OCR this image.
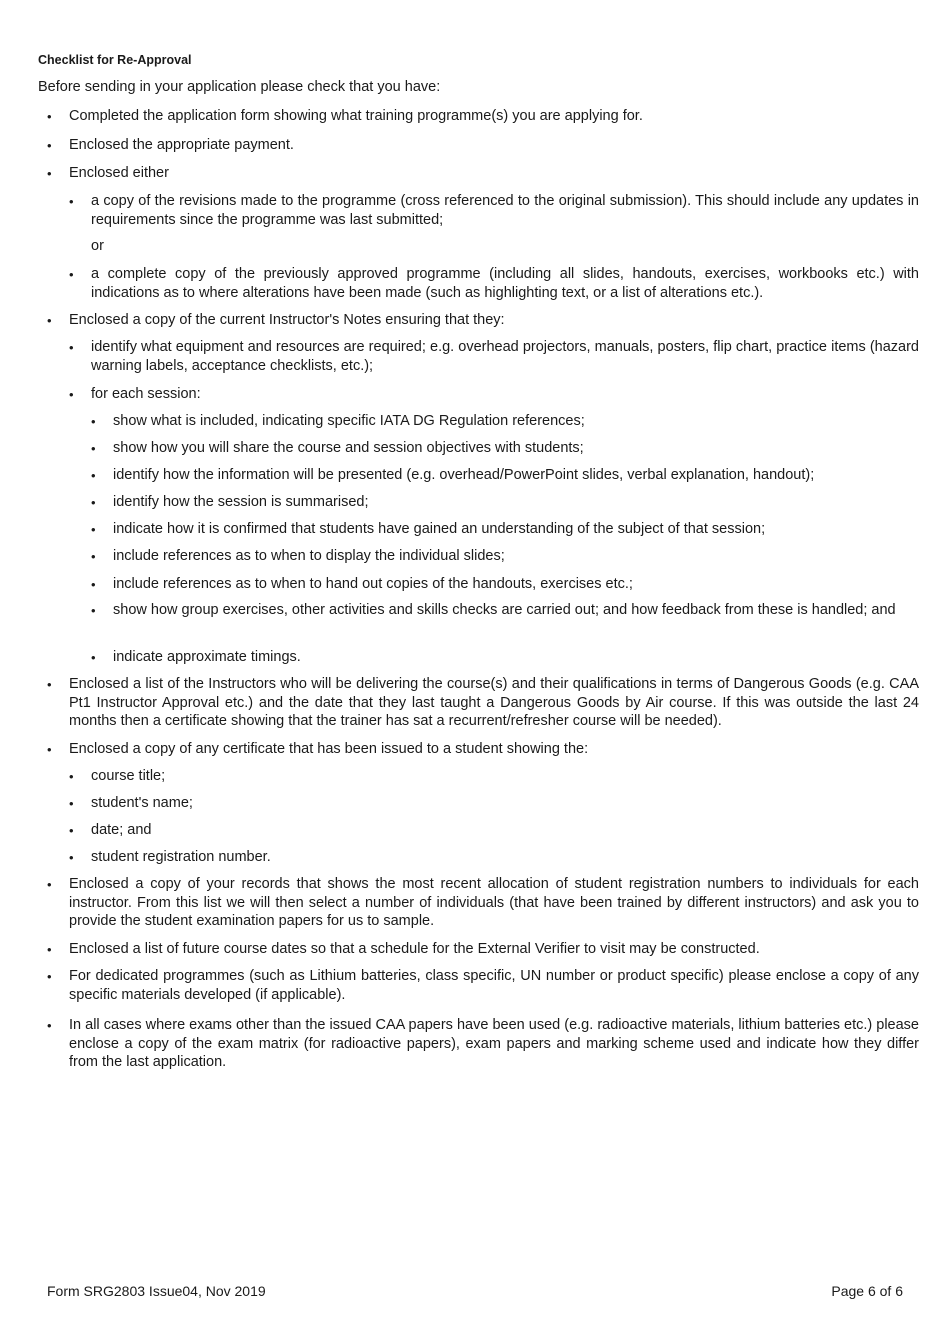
Checklist for Re-Approval
Before sending in your application please check that you have:
•	Completed the application form showing what training programme(s) you are applying for.
•	Enclosed the appropriate payment.
•	Enclosed either
•	a copy of the revisions made to the programme (cross referenced to the original submission). This should include any updates in requirements since the programme was last submitted;
or
•	a complete copy of the previously approved programme (including all slides, handouts, exercises, workbooks etc.) with indications as to where alterations have been made (such as highlighting text, or a list of alterations etc.).
•	Enclosed a copy of the current Instructor's Notes ensuring that they:
•	identify what equipment and resources are required; e.g. overhead projectors, manuals, posters, flip chart, practice items (hazard warning labels, acceptance checklists, etc.);
•	for each session:
•	show what is included, indicating specific IATA DG Regulation references;
•	show how you will share the course and session objectives with students;
•	identify how the information will be presented (e.g. overhead/PowerPoint slides, verbal explanation, handout);
•	identify how the session is summarised;
•	indicate how it is confirmed that students have gained an understanding of the subject of that session;
•	include references as to when to display the individual slides;
•	include references as to when to hand out copies of the handouts, exercises etc.;
•	show how group exercises, other activities and skills checks are carried out; and how feedback from these is handled; and
•	indicate approximate timings.
•	Enclosed a list of the Instructors who will be delivering the course(s) and their qualifications in terms of Dangerous Goods (e.g. CAA Pt1 Instructor Approval etc.) and the date that they last taught a Dangerous Goods by Air course. If this was outside the last 24 months then a certificate showing that the trainer has sat a recurrent/refresher course will be needed).
•	Enclosed a copy of any certificate that has been issued to a student showing the:
•	course title;
•	student's name;
•	date; and
•	student registration number.
•	Enclosed a copy of your records that shows the most recent allocation of student registration numbers to individuals for each instructor. From this list we will then select a number of individuals (that have been trained by different instructors) and ask you to provide the student examination papers for us to sample.
•	Enclosed a list of future course dates so that a schedule for the External Verifier to visit may be constructed.
•	For dedicated programmes (such as Lithium batteries, class specific, UN number or product specific) please enclose a copy of any specific materials developed (if applicable).
•	In all cases where exams other than the issued CAA papers have been used (e.g. radioactive materials, lithium batteries etc.) please enclose a copy of the exam matrix (for radioactive papers), exam papers and marking scheme used and indicate how they differ from the last application.
Form SRG2803 Issue04, Nov 2019	Page 6 of 6
